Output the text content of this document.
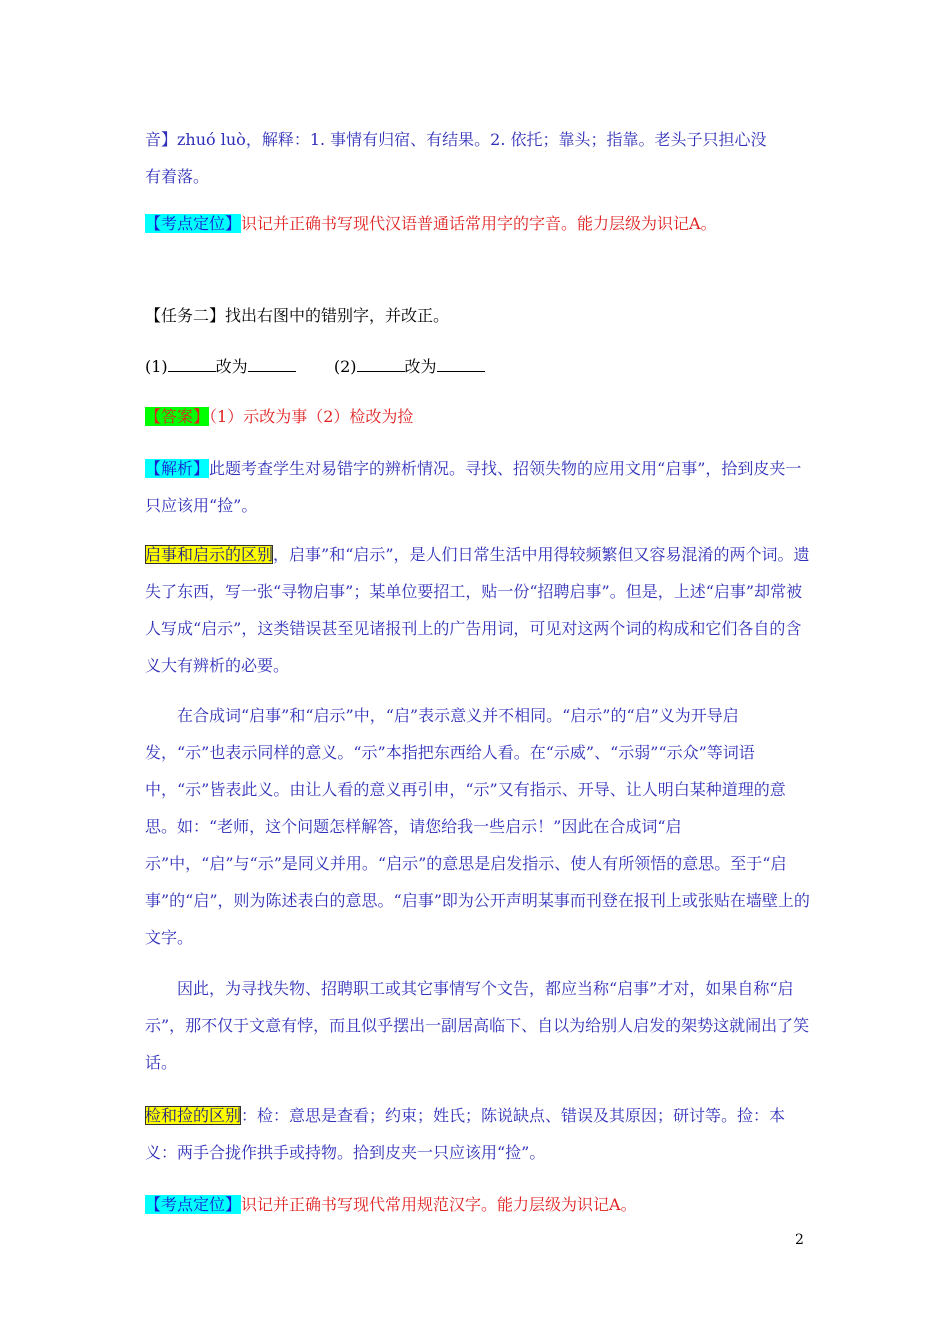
音】zhuó luò，解释：1. 事情有归宿、有结果。2. 依托；靠头；指靠。老头子只担心没
有着落。

【考点定位】识记并正确书写现代汉语普通话常用字的字音。能力层级为识记A。

【任务二】找出右图中的错别字，并改正。

(1)	改为	(2)	改为

【答案】（1）示改为事（2）检改为捡

【解析】此题考查学生对易错字的辨析情况。寻找、招领失物的应用文用“启事”，拾到皮夹一只应该用“捡”。

启事和启示的区别，启事”和“启示”，是人们日常生活中用得较频繁但又容易混淆的两个词。遗失了东西，写一张“寻物启事”；某单位要招工，贴一份“招聘启事”。但是，上述“启事”却常被人写成“启示”，这类错误甚至见诸报刊上的广告用词，可见对这两个词的构成和它们各自的含义大有辨析的必要。

在合成词“启事”和“启示”中，“启”表示意义并不相同。“启示”的“启”义为开导启发，“示”也表示同样的意义。“示”本指把东西给人看。在“示威”、“示弱”“示众”等词语中，“示”皆表此义。由让人看的意义再引申，“示”又有指示、开导、让人明白某种道理的意思。如：“老师，这个问题怎样解答，请您给我一些启示！”因此在合成词“启示”中，“启”与“示”是同义并用。“启示”的意思是启发指示、使人有所领悟的意思。至于“启事”的“启”，则为陈述表白的意思。“启事”即为公开声明某事而刊登在报刊上或张贴在墙壁上的文字。

因此，为寻找失物、招聘职工或其它事情写个文告，都应当称“启事”才对，如果自称“启示”，那不仅于文意有悖，而且似乎摆出一副居高临下、自以为给别人启发的架势这就闹出了笑话。

检和捡的区别：检：意思是查看；约束；姓氏；陈说缺点、错误及其原因；研讨等。捡：本义：两手合拢作拱手或持物。拾到皮夹一只应该用“捡”。

【考点定位】识记并正确书写现代常用规范汉字。能力层级为识记A。

2
